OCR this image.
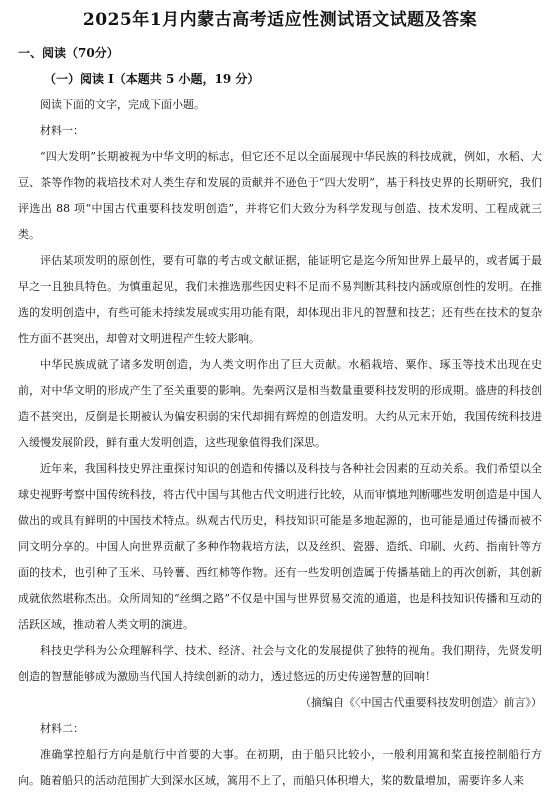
2025年1月内蒙古高考适应性测试语文试题及答案
一、阅读（70分）
（一）阅读 I（本题共 5 小题，19 分）

阅读下面的文字，完成下面小题。

材料一：

“四大发明”长期被视为中华文明的标志，但它还不足以全面展现中华民族的科技成就，例如，水稻、大豆、茶等作物的栽培技术对人类生存和发展的贡献并不逊色于“四大发明”，基于科技史界的长期研究，我们评选出 88 项“中国古代重要科技发明创造”，并将它们大致分为科学发现与创造、技术发明、工程成就三类。

评估某项发明的原创性，要有可靠的考古或文献证据，能证明它是迄今所知世界上最早的，或者属于最早之一且独具特色。为慎重起见，我们未推选那些因史料不足而不易判断其科技内涵或原创性的发明。在推选的发明创造中，有些可能未持续发展或实用功能有限，却体现出非凡的智慧和技艺；还有些在技术的复杂性方面不甚突出，却曾对文明进程产生较大影响。

中华民族成就了诸多发明创造，为人类文明作出了巨大贡献。水稻栽培、粟作、琢玉等技术出现在史前，对中华文明的形成产生了至关重要的影响。先秦两汉是相当数量重要科技发明的形成期。盛唐的科技创造不甚突出，反倒是长期被认为偏安积弱的宋代却拥有辉煌的创造发明。大约从元末开始，我国传统科技进入缓慢发展阶段，鲜有重大发明创造，这些现象值得我们深思。

近年来，我国科技史界注重探讨知识的创造和传播以及科技与各种社会因素的互动关系。我们希望以全球史视野考察中国传统科技，将古代中国与其他古代文明进行比较，从而审慎地判断哪些发明创造是中国人做出的或具有鲜明的中国技术特点。纵观古代历史，科技知识可能是多地起源的，也可能是通过传播而被不同文明分享的。中国人向世界贡献了多种作物栽培方法，以及丝织、瓷器、造纸、印刷、火药、指南针等方面的技术，也引种了玉米、马铃薯、西红柿等作物。还有一些发明创造属于传播基础上的再次创新，其创新成就依然堪称杰出。众所周知的“丝绸之路”不仅是中国与世界贸易交流的通道，也是科技知识传播和互动的活跃区域，推动着人类文明的演进。

科技史学科为公众理解科学、技术、经济、社会与文化的发展提供了独特的视角。我们期待，先贤发明创造的智慧能够成为激励当代国人持续创新的动力，透过悠远的历史传递智慧的回响！

（摘编自《〈中国古代重要科技发明创造〉前言》）

材料二：

准确掌控船行方向是航行中首要的大事。在初期，由于船只比较小，一般利用篙和桨直接控制船行方向。随着船只的活动范围扩大到深水区域，篙用不上了，而船只体积增大，桨的数量增加，需要许多人来
